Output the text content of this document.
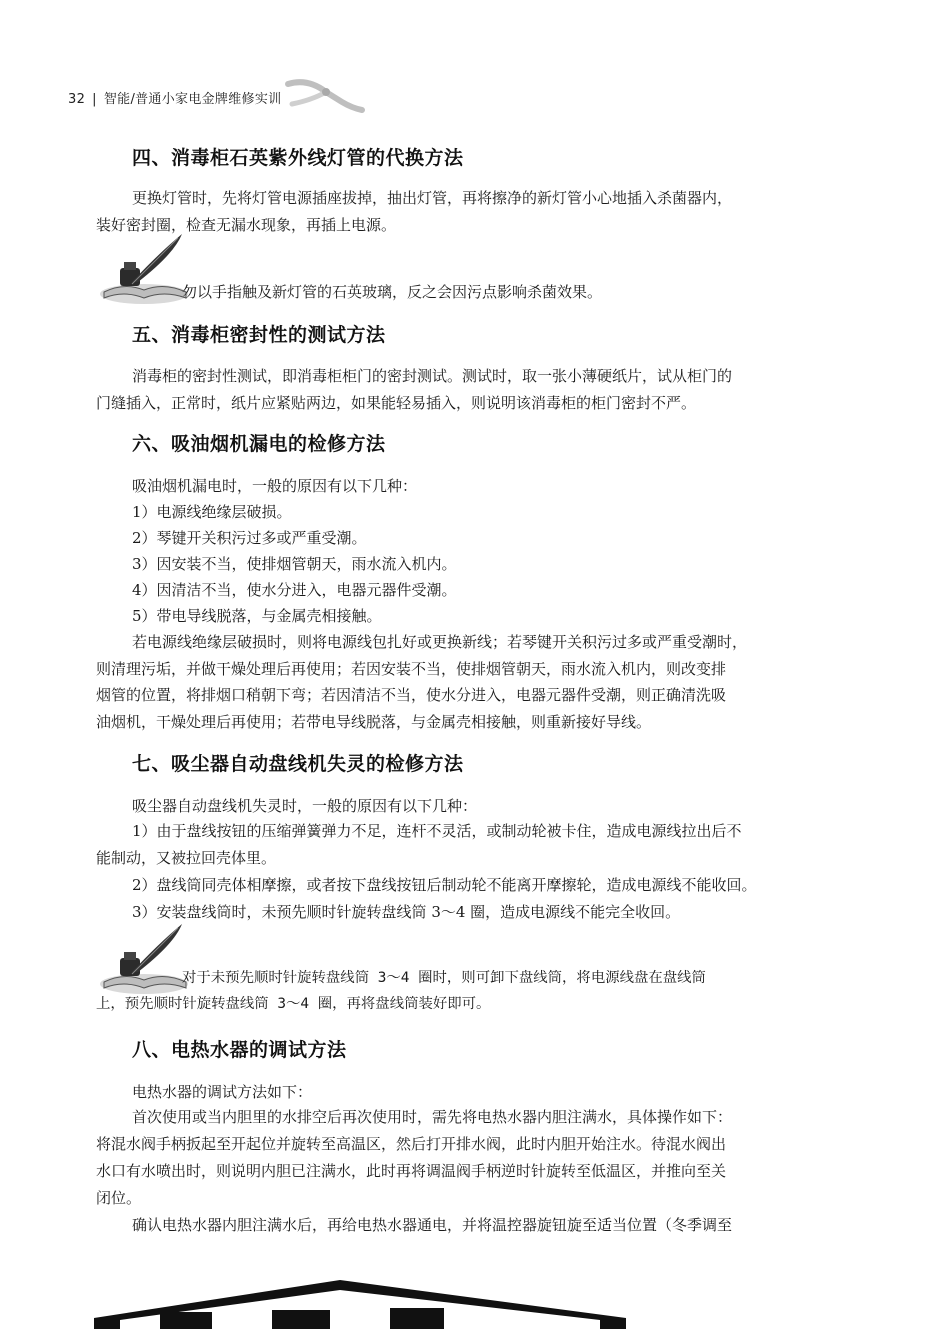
32 | 智能/普通小家电金牌维修实训
四、消毒柜石英紫外线灯管的代换方法
更换灯管时，先将灯管电源插座拔掉，抽出灯管，再将擦净的新灯管小心地插入杀菌器内，
装好密封圈，检查无漏水现象，再插上电源。
勿以手指触及新灯管的石英玻璃，反之会因污点影响杀菌效果。
五、消毒柜密封性的测试方法
消毒柜的密封性测试，即消毒柜柜门的密封测试。测试时，取一张小薄硬纸片，试从柜门的
门缝插入，正常时，纸片应紧贴两边，如果能轻易插入，则说明该消毒柜的柜门密封不严。
六、吸油烟机漏电的检修方法
吸油烟机漏电时，一般的原因有以下几种：
1）电源线绝缘层破损。
2）琴键开关积污过多或严重受潮。
3）因安装不当，使排烟管朝天，雨水流入机内。
4）因清洁不当，使水分进入，电器元器件受潮。
5）带电导线脱落，与金属壳相接触。
若电源线绝缘层破损时，则将电源线包扎好或更换新线；若琴键开关积污过多或严重受潮时，
则清理污垢，并做干燥处理后再使用；若因安装不当，使排烟管朝天，雨水流入机内，则改变排
烟管的位置，将排烟口稍朝下弯；若因清洁不当，使水分进入，电器元器件受潮，则正确清洗吸
油烟机，干燥处理后再使用；若带电导线脱落，与金属壳相接触，则重新接好导线。
七、吸尘器自动盘线机失灵的检修方法
吸尘器自动盘线机失灵时，一般的原因有以下几种：
1）由于盘线按钮的压缩弹簧弹力不足，连杆不灵活，或制动轮被卡住，造成电源线拉出后不
能制动，又被拉回壳体里。
2）盘线筒同壳体相摩擦，或者按下盘线按钮后制动轮不能离开摩擦轮，造成电源线不能收回。
3）安装盘线筒时，未预先顺时针旋转盘线筒 3～4 圈，造成电源线不能完全收回。
对于未预先顺时针旋转盘线筒 3～4 圈时，则可卸下盘线筒，将电源线盘在盘线筒
上，预先顺时针旋转盘线筒 3～4 圈，再将盘线筒装好即可。
八、电热水器的调试方法
电热水器的调试方法如下：
首次使用或当内胆里的水排空后再次使用时，需先将电热水器内胆注满水，具体操作如下：
将混水阀手柄扳起至开起位并旋转至高温区，然后打开排水阀，此时内胆开始注水。待混水阀出
水口有水喷出时，则说明内胆已注满水，此时再将调温阀手柄逆时针旋转至低温区，并推向至关
闭位。
确认电热水器内胆注满水后，再给电热水器通电，并将温控器旋钮旋至适当位置（冬季调至
